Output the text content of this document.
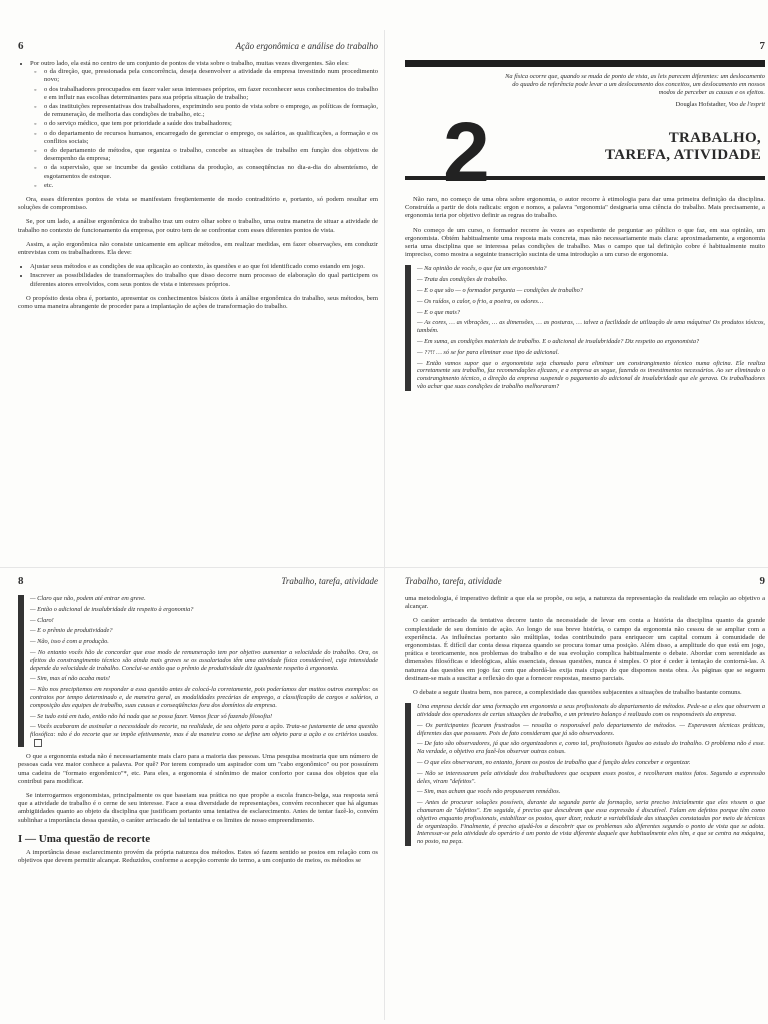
6	Ação ergonômica e análise do trabalho
• Por outro lado, ela está no centro de um conjunto de pontos de vista sobre o trabalho, muitas vezes divergentes. São eles:
◦ o da direção, que, pressionada pela concorrência, deseja desenvolver a atividade da empresa investindo num procedimento novo;
◦ o dos trabalhadores preocupados em fazer valer seus interesses próprios, em fazer reconhecer seus conhecimentos do trabalho e em influir nas escolhas determinantes para sua própria situação de trabalho;
◦ o das instituições representativas dos trabalhadores, exprimindo seu ponto de vista sobre o emprego, as políticas de formação, de remuneração, de melhoria das condições de trabalho, etc.;
◦ o do serviço médico, que tem por prioridade a saúde dos trabalhadores;
◦ o do departamento de recursos humanos, encarregado de gerenciar o emprego, os salários, as qualificações, a formação e os conflitos sociais;
◦ o do departamento de métodos, que organiza o trabalho, concebe as situações de trabalho em função dos objetivos de desempenho da empresa;
◦ o da supervisão, que se incumbe da gestão cotidiana da produção, as conseqüências no dia-a-dia do absenteísmo, de esgotamentos de estoque.
◦ etc.

Ora, esses diferentes pontos de vista se manifestam freqüentemente de modo contraditório e, portanto, só podem resultar em soluções de compromisso.

Se, por um lado, a análise ergonômica do trabalho traz um outro olhar sobre o trabalho, uma outra maneira de situar a atividade de trabalho no contexto de funcionamento da empresa, por outro tem de se confrontar com esses diferentes pontos de vista.

Assim, a ação ergonômica não consiste unicamente em aplicar métodos, em realizar medidas, em fazer observações, em conduzir entrevistas com os trabalhadores. Ela deve:

• Ajustar seus métodos e as condições de sua aplicação ao contexto, às questões e ao que foi identificado como estando em jogo.
• Inscrever as possibilidades de transformações do trabalho que disso decorre num processo de elaboração do qual participem os diferentes atores envolvidos, com seus pontos de vista e interesses próprios.

O propósito desta obra é, portanto, apresentar os conhecimentos básicos úteis à análise ergonômica do trabalho, seus métodos, bem como uma maneira abrangente de proceder para a implantação de ações de transformação do trabalho.

7

Na física ocorre que, quando se muda de ponto de vista, as leis parecem diferentes: um deslocamento do quadro de referência pode levar a um deslocamento dos conceitos, um deslocamento em nossos modos de perceber as causas e os efeitos.

Douglas Hofstadter, Voo de l'esprit
2	TRABALHO,
TAREFA, ATIVIDADE

Não raro, no começo de uma obra sobre ergonomia, o autor recorre à etimologia para dar uma primeira definição da disciplina. Construída a partir de dois radicais: ergon e nomos, a palavra "ergonomia" designaria uma ciência do trabalho. Mais precisamente, a ergonomia teria por objetivo definir as regras do trabalho.

No começo de um curso, o formador recorre às vezes ao expediente de perguntar ao público o que faz, em sua opinião, um ergonomista. Obtém habitualmente uma resposta mais concreta, mas não necessariamente mais clara: aproximadamente, a ergonomia seria uma disciplina que se interessa pelas condições de trabalho. Mas o campo que tal definição cobre é habitualmente muito impreciso, como mostra a seguinte transcrição sucinta de uma introdução a um curso de ergonomia.

— Na opinião de vocês, o que faz um ergonomista?

— Trata das condições de trabalho.

— E o que são — o formador pergunta — condições de trabalho?

— Os ruídos, o calor, o frio, a poeira, os odores…

— E o que mais?

— As cores, … as vibrações, … as dimensões, … as posturas, … talvez a facilidade de utilização de uma máquina! Os produtos tóxicos, também.

— Em suma, as condições materiais de trabalho. E o adicional de insalubridade? Diz respeito ao ergonomista?

— ??!! … só se for para eliminar esse tipo de adicional.

— Então vamos supor que o ergonomista seja chamado para eliminar um constrangimento técnico numa oficina. Ele realiza corretamente seu trabalho, faz recomendações eficazes, e a empresa as segue, fazendo os investimentos necessários. Ao ser eliminado o constrangimento técnico, a direção da empresa suspende o pagamento do adicional de insalubridade que ele gerava. Os trabalhadores vão achar que suas condições de trabalho melhoraram?

8	Trabalho, tarefa, atividade

— Claro que não, podem até entrar em greve.

— Então o adicional de insalubridade diz respeito à ergonomia?

— Claro!

— E o prêmio de produtividade?

— Não, isso é com a produção.

— No entanto vocês hão de concordar que esse modo de remuneração tem por objetivo aumentar a velocidade do trabalho. Ora, os efeitos do constrangimento técnico são ainda mais graves se os assalariados têm uma atividade física considerável, cuja intensidade depende da velocidade de trabalho. Conclui-se então que o prêmio de produtividade diz igualmente respeito à ergonomia.

— Sim, mas aí não acaba mais!

— Não nos precipitemos em responder a essa questão antes de colocá-la corretamente, pois poderíamos dar muitos outros exemplos: os contratos por tempo determinado e, de maneira geral, as modalidades precárias de emprego, a classificação de cargos e salários, a composição das equipes de trabalho, suas causas e conseqüências fora dos domínios da empresa.

— Se tudo está em tudo, então não há nada que se possa fazer. Vamos ficar só fazendo filosofia!

— Vocês acabaram de assinalar a necessidade do recorte, na realidade, de seu objeto para a ação. Trata-se justamente de uma questão filosófica: não é do recorte que se impõe efetivamente, mas é da maneira como se define um objeto para a ação e os critérios usados.

O que a ergonomia estuda não é necessariamente mais claro para a maioria das pessoas. Uma pesquisa mostraria que um número de pessoas cada vez maior conhece a palavra. Por quê? Por terem comprado um aspirador com um "cabo ergonômico" ou por possuírem uma cadeira de "formato ergonômico"*, etc. Para eles, a ergonomia é sinônimo de maior conforto por causa dos objetos que ela contribui para modificar.

Se interrogarmos ergonomistas, principalmente os que baseiam sua prática no que propõe a escola franco-belga, sua resposta será que a atividade de trabalho é o cerne de seu interesse. Face a essa diversidade de representações, convém reconhecer que há algumas ambigüidades quanto ao objeto da disciplina que justificam portanto uma tentativa de esclarecimento. Antes de tentar fazê-lo, convém sublinhar a importância dessa questão, o caráter arriscado de tal tentativa e os limites de nosso empreendimento.

I — Uma questão de recorte

A importância desse esclarecimento provém da própria natureza dos métodos. Estes só fazem sentido se postos em relação com os objetivos que devem permitir alcançar. Reduzidos, conforme a acepção corrente do termo, a um conjunto de meios, os métodos se

Trabalho, tarefa, atividade	9

uma metodologia, é imperativo definir a que ela se propõe, ou seja, a natureza da representação da realidade em relação ao objetivo a alcançar.

O caráter arriscado da tentativa decorre tanto da necessidade de levar em conta a história da disciplina quanto da grande complexidade de seu domínio de ação. Ao longo de sua breve história, o campo da ergonomia não cessou de se ampliar com a experiência. As influências portanto são múltiplas, todas contribuindo para enriquecer um capital comum à comunidade de ergonomistas. É difícil dar conta dessa riqueza quando se procura tomar uma posição. Além disso, a amplitude do que está em jogo, prática e teoricamente, nos problemas do trabalho e de sua evolução complica habitualmente o debate. Abordar com serenidade as dimensões filosóficas e ideológicas, aliás essenciais, dessas questões, nunca é simples. O pior é ceder à tentação de contorná-las. A natureza das questões em jogo faz com que abordá-las exija mais cipaço do que dispomos nesta obra. Às páginas que se seguem destinam-se mais a suscitar a reflexão do que a fornecer respostas, mesmo parciais.

O debate a seguir ilustra bem, nos parece, a complexidade das questões subjacentes a situações de trabalho bastante comuns.

Uma empresa decide dar uma formação em ergonomia a seus profissionais do departamento de métodos. Pede-se a eles que observem a atividade dos operadores de certas situações de trabalho, e um primeiro balanço é realizado com os responsáveis da empresa.

— Os participantes ficaram frustrados — ressalta o responsável pelo departamento de métodos. — Esperavam técnicas práticas, diferentes das que possuem. Pois de fato consideram que já são observadores.

— De fato são observadores, já que são organizadores e, como tal, profissionais ligados ao estudo do trabalho. O problema não é esse. Na verdade, o objetivo era fazê-los observar outras coisas.

— O que eles observaram, no entanto, foram os postos de trabalho que é função deles conceber e organizar.

— Não se interessaram pela atividade dos trabalhadores que ocupam esses postos, e recolheram muitos fatos. Segundo a expressão deles, viram "defeitos".

— Sim, mas acham que vocês não propuseram remédios.

— Antes de procurar soluções possíveis, durante da segunda parte da formação, seria preciso inicialmente que eles vissem o que chamaram de "defeitos". Em seguida, é preciso que descubram que essa expressão é discutível. Falam em defeitos porque têm como objetivo enquanto profissionais, estabilizar os postos, quer dizer, reduzir a variabilidade das situações constatadas por meio de técnicas de organização. Finalmente, é preciso ajudá-los a descobrir que os problemas são diferentes segundo o ponto de vista que se adota. Interessar-se pela atividade do operário é um ponto de vista diferente daquele que habitualmente eles têm, e que se centra na máquina, no posto, na peça.
